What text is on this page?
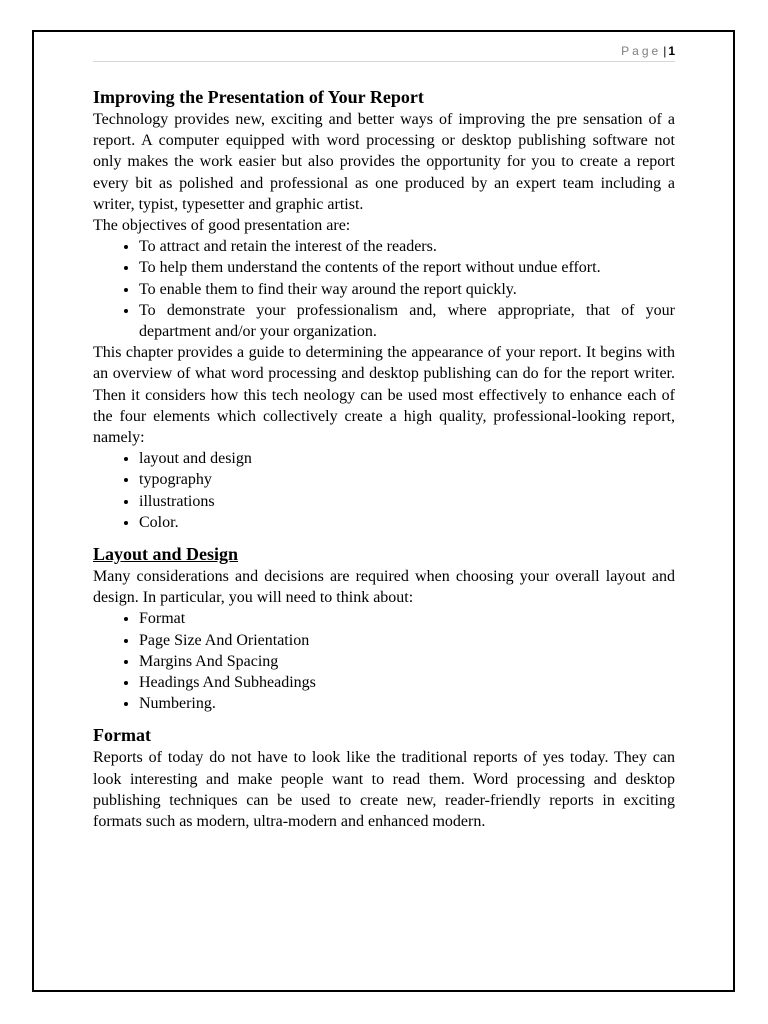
Page | 1
Improving the Presentation of Your Report

Technology provides new, exciting and better ways of improving the pre sensation of a report. A computer equipped with word processing or desktop publishing software not only makes the work easier but also provides the opportunity for you to create a report every bit as polished and professional as one produced by an expert team including a writer, typist, typesetter and graphic artist.

The objectives of good presentation are:

• To attract and retain the interest of the readers.
• To help them understand the contents of the report without undue effort.
• To enable them to find their way around the report quickly.
• To demonstrate your professionalism and, where appropriate, that of your department and/or your organization.

This chapter provides a guide to determining the appearance of your report. It begins with an overview of what word processing and desktop publishing can do for the report writer. Then it considers how this tech neology can be used most effectively to enhance each of the four elements which collectively create a high quality, professional-looking report, namely:

• layout and design
• typography
• illustrations
• Color.
Layout and Design

Many considerations and decisions are required when choosing your overall layout and design. In particular, you will need to think about:

• Format
• Page Size And Orientation
• Margins And Spacing
• Headings And Subheadings
• Numbering.
Format

Reports of today do not have to look like the traditional reports of yes today. They can look interesting and make people want to read them. Word processing and desktop publishing techniques can be used to create new, reader-friendly reports in exciting formats such as modern, ultra-modern and enhanced modern.
